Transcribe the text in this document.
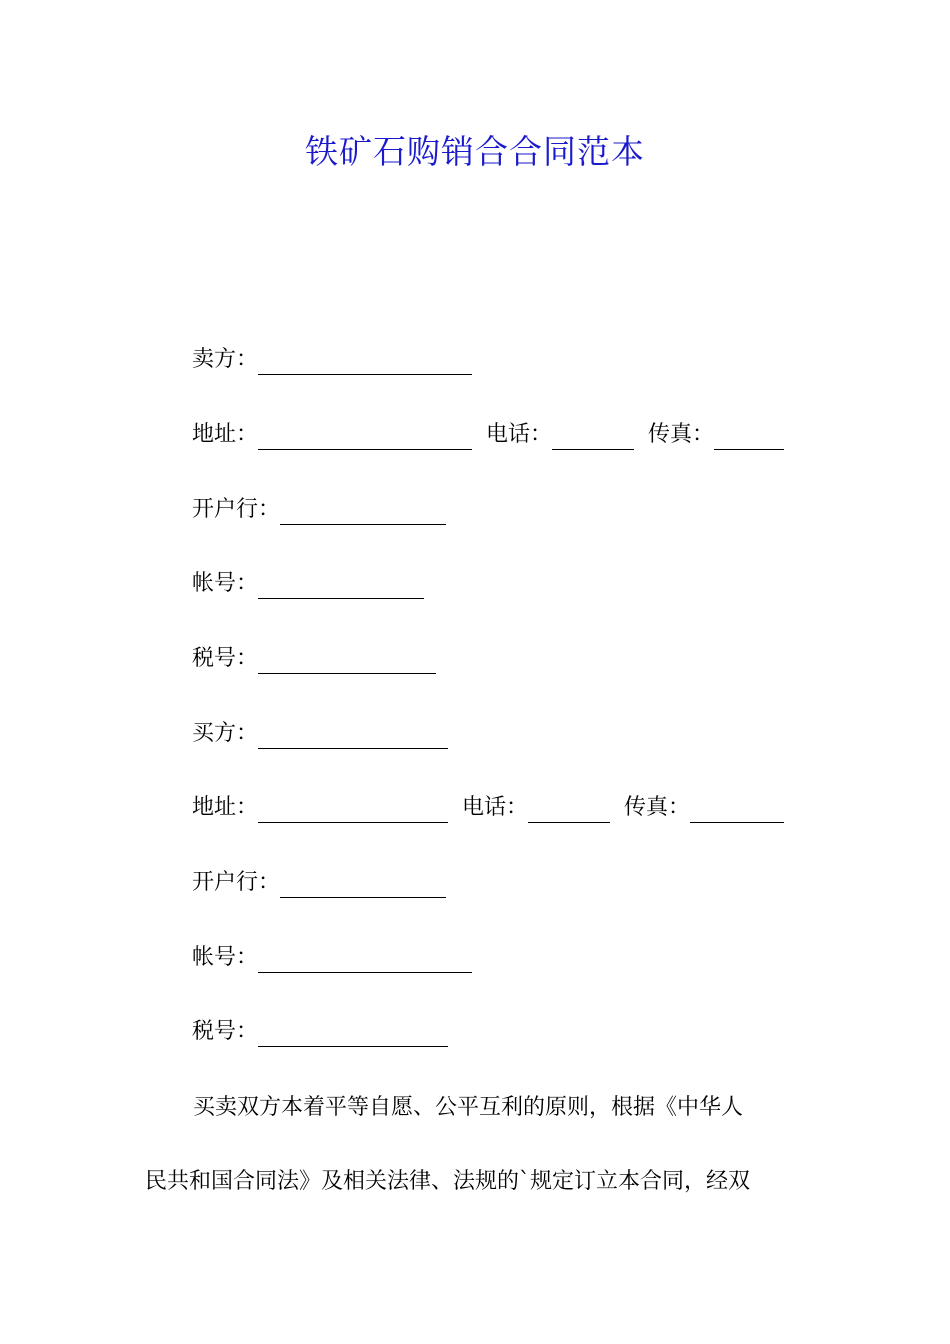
铁矿石购销合合同范本
卖方：
地址：	电话：	传真：
开户行：
帐号：
税号：
买方：
地址：	电话：	传真：
开户行：
帐号：
税号：

买卖双方本着平等自愿、公平互利的原则，根据《中华人

民共和国合同法》及相关法律、法规的`规定订立本合同，经双
